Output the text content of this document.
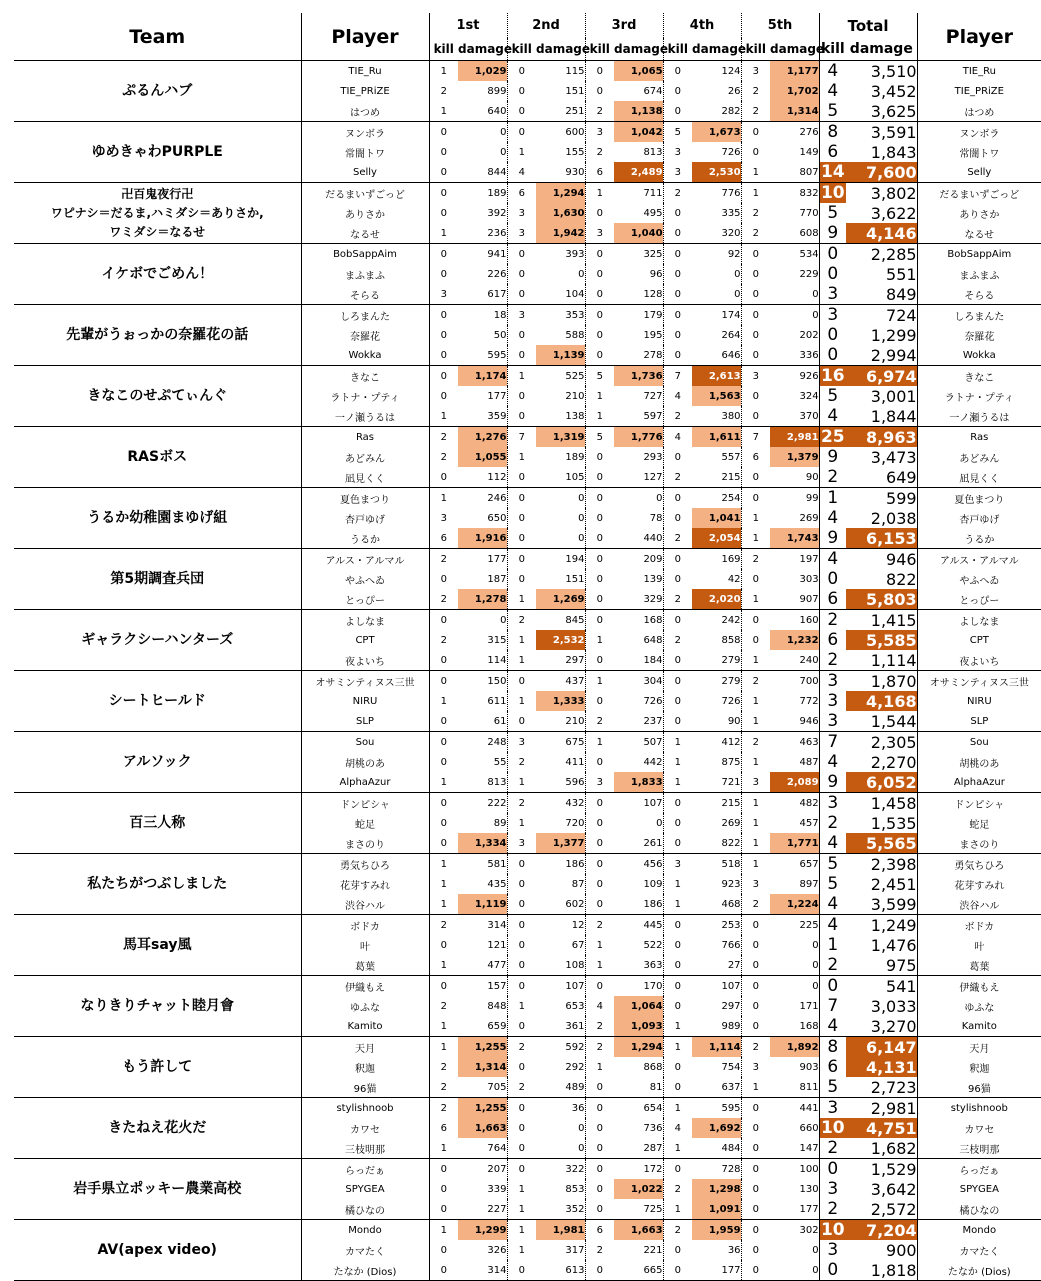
Team	Player	1st		2nd		3rd		4th		5th		Total		Player
		kill	damage	kill	damage	kill	damage	kill	damage	kill	damage	kill	damage	

ぷるんハブ	TIE_Ru	1	1,029	0	115	0	1,065	0	124	3	1,177	4	3,510	TIE_Ru
	TIE_PRiZE	2	899	0	151	0	674	0	26	2	1,702	4	3,452	TIE_PRiZE
	はつめ	1	640	0	251	2	1,138	0	282	2	1,314	5	3,625	はつめ

ゆめきゃわPURPLE	ヌンボラ	0	0	0	600	3	1,042	5	1,673	0	276	8	3,591	ヌンボラ
	常闇トワ	0	0	1	155	2	813	3	726	0	149	6	1,843	常闇トワ
	Selly	0	844	4	930	6	2,489	3	2,530	1	807	14	7,600	Selly

卍百鬼夜行卍
ワピナシ＝だるま,ハミダシ＝ありさか,
ワミダシ＝なるせ	だるまいずごっど	0	189	6	1,294	1	711	2	776	1	832	10	3,802	だるまいずごっど
	ありさか	0	392	3	1,630	0	495	0	335	2	770	5	3,622	ありさか
	なるせ	1	236	3	1,942	3	1,040	0	320	2	608	9	4,146	なるせ

イケボでごめん！	BobSappAim	0	941	0	393	0	325	0	92	0	534	0	2,285	BobSappAim
	まふまふ	0	226	0	0	0	96	0	0	0	229	0	551	まふまふ
	そらる	3	617	0	104	0	128	0	0	0	0	3	849	そらる

先輩がうぉっかの奈羅花の話	しろまんた	0	18	3	353	0	179	0	174	0	0	3	724	しろまんた
	奈羅花	0	50	0	588	0	195	0	264	0	202	0	1,299	奈羅花
	Wokka	0	595	0	1,139	0	278	0	646	0	336	0	2,994	Wokka

きなこのせぷてぃんぐ	きなこ	0	1,174	1	525	5	1,736	7	2,613	3	926	16	6,974	きなこ
	ラトナ・プティ	0	177	0	210	1	727	4	1,563	0	324	5	3,001	ラトナ・プティ
	一ノ瀬うるは	1	359	0	138	1	597	2	380	0	370	4	1,844	一ノ瀬うるは

RASボス	Ras	2	1,276	7	1,319	5	1,776	4	1,611	7	2,981	25	8,963	Ras
	あどみん	2	1,055	1	189	0	293	0	557	6	1,379	9	3,473	あどみん
	凪見くく	0	112	0	105	0	127	2	215	0	90	2	649	凪見くく

うるか幼稚園まゆげ組	夏色まつり	1	246	0	0	0	0	0	254	0	99	1	599	夏色まつり
	杏戸ゆげ	3	650	0	0	0	78	0	1,041	1	269	4	2,038	杏戸ゆげ
	うるか	6	1,916	0	0	0	440	2	2,054	1	1,743	9	6,153	うるか

第5期調査兵団	アルス・アルマル	2	177	0	194	0	209	0	169	2	197	4	946	アルス・アルマル
	やふへゐ	0	187	0	151	0	139	0	42	0	303	0	822	やふへゐ
	とっぴー	2	1,278	1	1,269	0	329	2	2,020	1	907	6	5,803	とっぴー

ギャラクシーハンターズ	よしなま	0	0	2	845	0	168	0	242	0	160	2	1,415	よしなま
	CPT	2	315	1	2,532	1	648	2	858	0	1,232	6	5,585	CPT
	夜よいち	0	114	1	297	0	184	0	279	1	240	2	1,114	夜よいち

シートヒールド	オサミンティヌス三世	0	150	0	437	1	304	0	279	2	700	3	1,870	オサミンティヌス三世
	NIRU	1	611	1	1,333	0	726	0	726	1	772	3	4,168	NIRU
	SLP	0	61	0	210	2	237	0	90	1	946	3	1,544	SLP

アルソック	Sou	0	248	3	675	1	507	1	412	2	463	7	2,305	Sou
	胡桃のあ	0	55	2	411	0	442	1	875	1	487	4	2,270	胡桃のあ
	AlphaAzur	1	813	1	596	3	1,833	1	721	3	2,089	9	6,052	AlphaAzur

百三人称	ドンピシャ	0	222	2	432	0	107	0	215	1	482	3	1,458	ドンピシャ
	蛇足	0	89	1	720	0	0	0	269	1	457	2	1,535	蛇足
	まさのり	0	1,334	3	1,377	0	261	0	822	1	1,771	4	5,565	まさのり

私たちがつぶしました	勇気ちひろ	1	581	0	186	0	456	3	518	1	657	5	2,398	勇気ちひろ
	花芽すみれ	1	435	0	87	0	109	1	923	3	897	5	2,451	花芽すみれ
	渋谷ハル	1	1,119	0	602	0	186	1	468	2	1,224	4	3,599	渋谷ハル

馬耳say風	ボドカ	2	314	0	12	2	445	0	253	0	225	4	1,249	ボドカ
	叶	0	121	0	67	1	522	0	766	0	0	1	1,476	叶
	葛葉	1	477	0	108	1	363	0	27	0	0	2	975	葛葉

なりきりチャット睦月會	伊織もえ	0	157	0	107	0	170	0	107	0	0	0	541	伊織もえ
	ゆふな	2	848	1	653	4	1,064	0	297	0	171	7	3,033	ゆふな
	Kamito	1	659	0	361	2	1,093	1	989	0	168	4	3,270	Kamito

もう許して	天月	1	1,255	2	592	2	1,294	1	1,114	2	1,892	8	6,147	天月
	釈迦	2	1,314	0	292	1	868	0	754	3	903	6	4,131	釈迦
	96猫	2	705	2	489	0	81	0	637	1	811	5	2,723	96猫

きたねえ花火だ	stylishnoob	2	1,255	0	36	0	654	1	595	0	441	3	2,981	stylishnoob
	カワセ	6	1,663	0	0	0	736	4	1,692	0	660	10	4,751	カワセ
	三枝明那	1	764	0	0	0	287	1	484	0	147	2	1,682	三枝明那

岩手県立ポッキー農業高校	らっだぁ	0	207	0	322	0	172	0	728	0	100	0	1,529	らっだぁ
	SPYGEA	0	339	1	853	0	1,022	2	1,298	0	130	3	3,642	SPYGEA
	橘ひなの	0	227	1	352	0	725	1	1,091	0	177	2	2,572	橘ひなの

AV(apex video)	Mondo	1	1,299	1	1,981	6	1,663	2	1,959	0	302	10	7,204	Mondo
	カマたく	0	326	1	317	2	221	0	36	0	0	3	900	カマたく
	たなか (Dios)	0	314	0	613	0	665	0	177	0	0	0	1,818	たなか (Dios)
